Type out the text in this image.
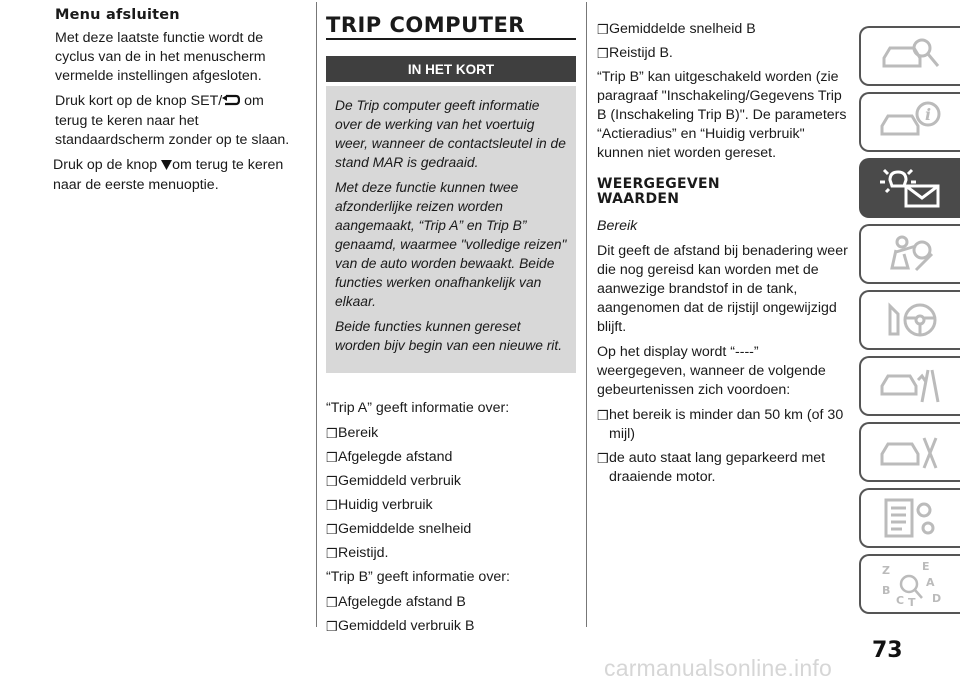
Menu afsluiten

Met deze laatste functie wordt de cyclus van de in het menuscherm vermelde instellingen afgesloten.

Druk kort op de knop SET/ om terug te keren naar het standaardscherm zonder op te slaan.

Druk op de knop om terug te keren naar de eerste menuoptie.

TRIP COMPUTER
IN HET KORT

De Trip computer geeft informatie over de werking van het voertuig weer, wanneer de contactsleutel in de stand MAR is gedraaid.

Met deze functie kunnen twee afzonderlijke reizen worden aangemaakt, “Trip A” en Trip B” genaamd, waarmee "volledige reizen" van de auto worden bewaakt. Beide functies werken onafhankelijk van elkaar.

Beide functies kunnen gereset worden bijv begin van een nieuwe rit.

“Trip A” geeft informatie over:

❒ Bereik
❒ Afgelegde afstand
❒ Gemiddeld verbruik
❒ Huidig verbruik
❒ Gemiddelde snelheid
❒ Reistijd.

“Trip B” geeft informatie over:

❒ Afgelegde afstand B
❒ Gemiddeld verbruik B
❒ Gemiddelde snelheid B
❒ Reistijd B.

“Trip B” kan uitgeschakeld worden (zie paragraaf "Inschakeling/Gegevens Trip B (Inschakeling Trip B)". De parameters “Actieradius” en “Huidig verbruik" kunnen niet worden gereset.

WEERGEGEVEN
WAARDEN

Bereik

Dit geeft de afstand bij benadering weer die nog gereisd kan worden met de aanwezige brandstof in de tank, aangenomen dat de rijstijl ongewijzigd blijft.

Op het display wordt “----” weergegeven, wanneer de volgende gebeurtenissen zich voordoen:

❒ het bereik is minder dan 50 km (of 30 mijl)
❒ de auto staat lang geparkeerd met draaiende motor.
i
Z	E
A
B
C T D
73
carmanualsonline.info
